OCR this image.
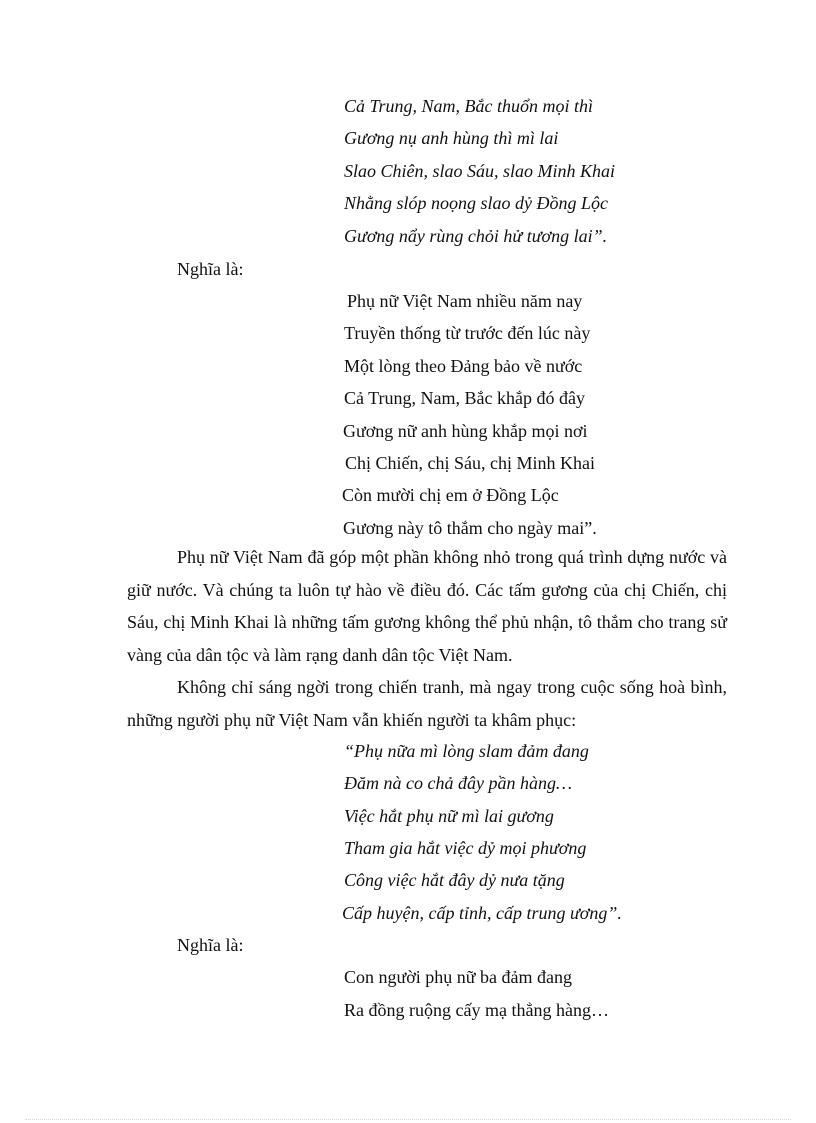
Cả Trung, Nam, Bắc thuổn mọi thì
Gương nụ anh hùng thì mì lai
Slao Chiên, slao Sáu, slao Minh Khai
Nhằng slóp noọng slao dỷ Đồng Lộc
Gương nẩy rùng chỏi hử tương lai”.
Nghĩa là:
Phụ nữ Việt Nam nhiều năm nay
Truyền thống từ trước đến lúc này
Một lòng theo Đảng bảo về nước
Cả Trung, Nam, Bắc khắp đó đây
Gương nữ anh hùng khắp mọi nơi
Chị Chiến, chị Sáu, chị Minh Khai
Còn mười chị em ở Đồng Lộc
Gương này tô thắm cho ngày mai”.

Phụ nữ Việt Nam đã góp một phần không nhỏ trong quá trình dựng nước và giữ nước. Và chúng ta luôn tự hào về điều đó. Các tấm gương của chị Chiến, chị Sáu, chị Minh Khai là những tấm gương không thể phủ nhận, tô thắm cho trang sử vàng của dân tộc và làm rạng danh dân tộc Việt Nam.

Không chỉ sáng ngời trong chiến tranh, mà ngay trong cuộc sống hoà bình, những người phụ nữ Việt Nam vẫn khiến người ta khâm phục:

“Phụ nữa mì lòng slam đảm đang
Đăm nà co chả đây pần hàng…
Việc hắt phụ nữ mì lai gương
Tham gia hắt việc dỷ mọi phương
Công việc hắt đây dỷ nưa tặng
Cấp huyện, cấp tỉnh, cấp trung ương”.
Nghĩa là:
Con người phụ nữ ba đảm đang
Ra đồng ruộng cấy mạ thẳng hàng…
